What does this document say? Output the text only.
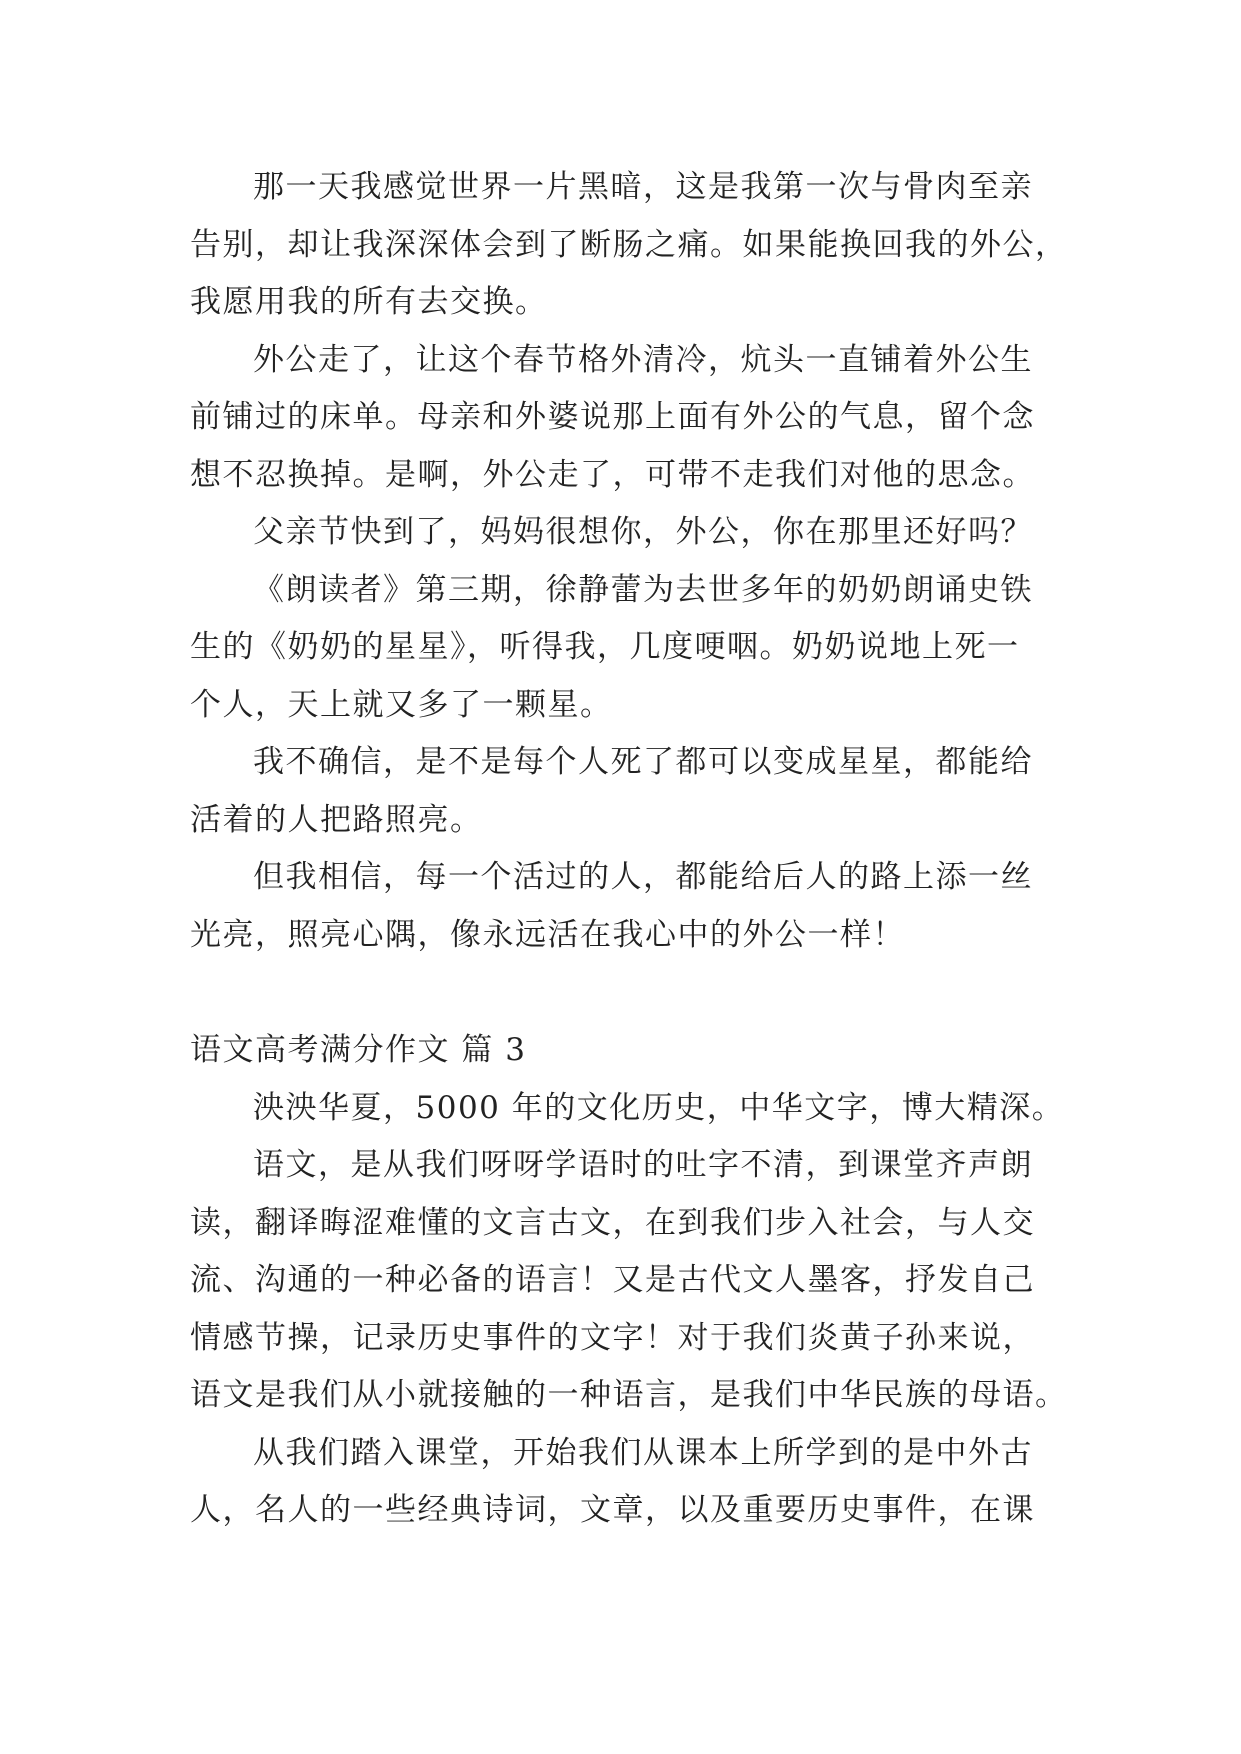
那一天我感觉世界一片黑暗，这是我第一次与骨肉至亲
告别，却让我深深体会到了断肠之痛。如果能换回我的外公，
我愿用我的所有去交换。
外公走了，让这个春节格外清冷，炕头一直铺着外公生
前铺过的床单。母亲和外婆说那上面有外公的气息，留个念
想不忍换掉。是啊，外公走了，可带不走我们对他的思念。
父亲节快到了，妈妈很想你，外公，你在那里还好吗？
《朗读者》第三期，徐静蕾为去世多年的奶奶朗诵史铁
生的《奶奶的星星》，听得我，几度哽咽。奶奶说地上死一
个人，天上就又多了一颗星。
我不确信，是不是每个人死了都可以变成星星，都能给
活着的人把路照亮。
但我相信，每一个活过的人，都能给后人的路上添一丝
光亮，照亮心隅，像永远活在我心中的外公一样！
语文高考满分作文 篇 3
泱泱华夏，5000 年的文化历史，中华文字，博大精深。
语文，是从我们呀呀学语时的吐字不清，到课堂齐声朗
读，翻译晦涩难懂的文言古文，在到我们步入社会，与人交
流、沟通的一种必备的语言！又是古代文人墨客，抒发自己
情感节操，记录历史事件的文字！对于我们炎黄子孙来说，
语文是我们从小就接触的一种语言，是我们中华民族的母语。
从我们踏入课堂，开始我们从课本上所学到的是中外古
人，名人的一些经典诗词，文章，以及重要历史事件，在课
